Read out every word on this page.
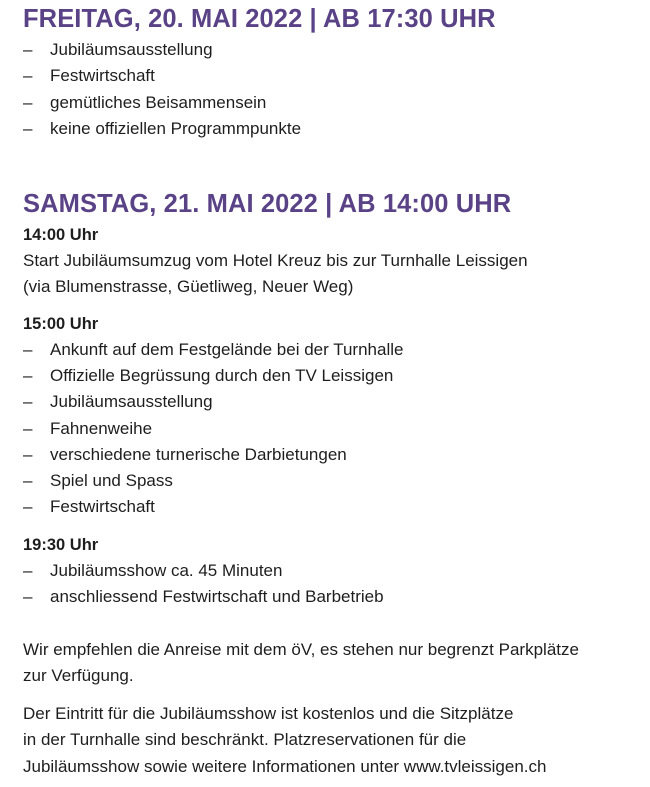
FREITAG, 20. MAI 2022 | AB 17:30 UHR

– Jubiläumsausstellung

– Festwirtschaft

– gemütliches Beisammensein

– keine offiziellen Programmpunkte

SAMSTAG, 21. MAI 2022 | AB 14:00 UHR

14:00 Uhr

Start Jubiläumsumzug vom Hotel Kreuz bis zur Turnhalle Leissigen

(via Blumenstrasse, Güetliweg, Neuer Weg)

15:00 Uhr

– Ankunft auf dem Festgelände bei der Turnhalle

– Offizielle Begrüssung durch den TV Leissigen

– Jubiläumsausstellung

– Fahnenweihe

– verschiedene turnerische Darbietungen

– Spiel und Spass

– Festwirtschaft

19:30 Uhr

– Jubiläumsshow ca. 45 Minuten

– anschliessend Festwirtschaft und Barbetrieb

Wir empfehlen die Anreise mit dem öV, es stehen nur begrenzt Parkplätze

zur Verfügung.

Der Eintritt für die Jubiläumsshow ist kostenlos und die Sitzplätze

in der Turnhalle sind beschränkt. Platzreservationen für die

Jubiläumsshow sowie weitere Informationen unter www.tvleissigen.ch
